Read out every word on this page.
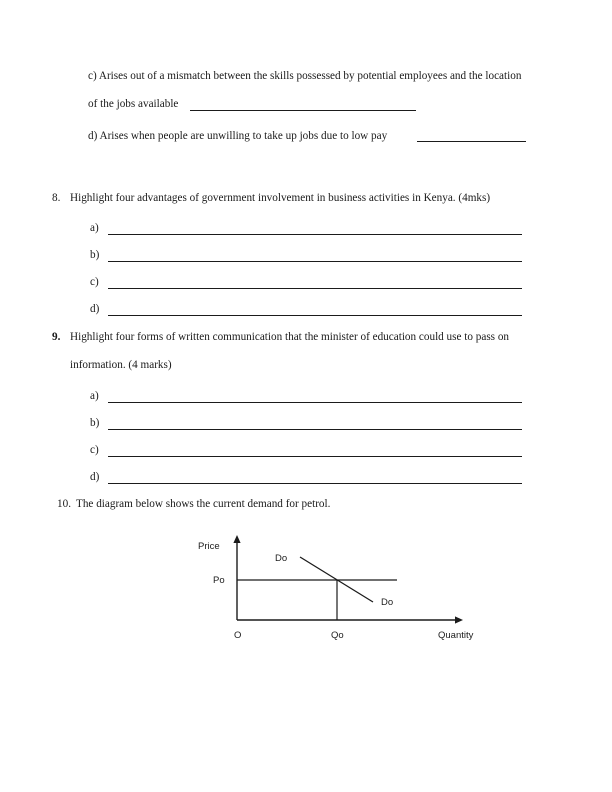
c) Arises out of a mismatch between the skills possessed by potential employees and the location
of the jobs available
d) Arises when people are unwilling to take up jobs due to low pay
8. Highlight four advantages of government involvement in business activities in Kenya. (4mks)
a)
b)
c)
d)
9. Highlight four forms of written communication that the minister of education could use to pass on
information. (4 marks)
a)
b)
c)
d)
10. The diagram below shows the current demand for petrol.
Price
Po
Do
Do
O	Qo	Quantity
